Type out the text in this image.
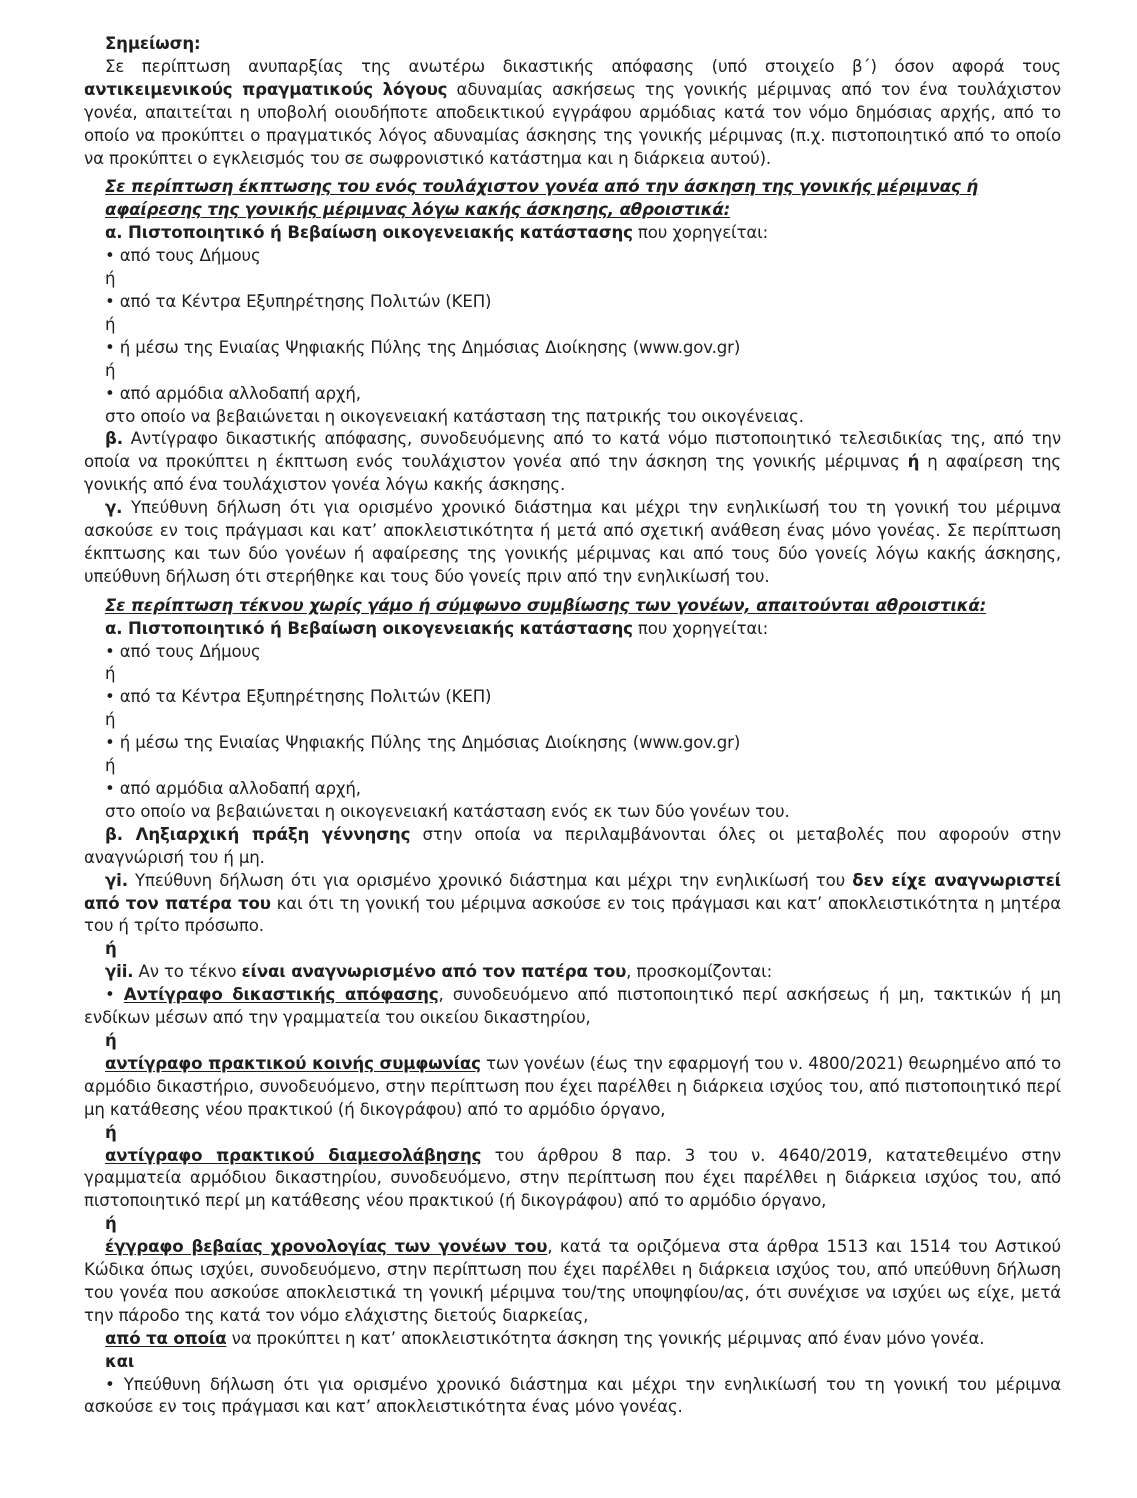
Σημείωση:

Σε περίπτωση ανυπαρξίας της ανωτέρω δικαστικής απόφασης (υπό στοιχείο β΄) όσον αφορά τους αντικειμενικούς πραγματικούς λόγους αδυναμίας ασκήσεως της γονικής μέριμνας από τον ένα τουλάχιστον γονέα, απαιτείται η υποβολή οιουδήποτε αποδεικτικού εγγράφου αρμόδιας κατά τον νόμο δημόσιας αρχής, από το οποίο να προκύπτει ο πραγματικός λόγος αδυναμίας άσκησης της γονικής μέριμνας (π.χ. πιστοποιητικό από το οποίο να προκύπτει ο εγκλεισμός του σε σωφρονιστικό κατάστημα και η διάρκεια αυτού).

Σε περίπτωση έκπτωσης του ενός τουλάχιστον γονέα από την άσκηση της γονικής μέριμνας ή αφαίρεσης της γονικής μέριμνας λόγω κακής άσκησης, αθροιστικά:

α. Πιστοποιητικό ή Βεβαίωση οικογενειακής κατάστασης που χορηγείται:

• από τους Δήμους

ή

• από τα Κέντρα Εξυπηρέτησης Πολιτών (ΚΕΠ)

ή

• ή μέσω της Ενιαίας Ψηφιακής Πύλης της Δημόσιας Διοίκησης (www.gov.gr)

ή

• από αρμόδια αλλοδαπή αρχή,

στο οποίο να βεβαιώνεται η οικογενειακή κατάσταση της πατρικής του οικογένειας.

β. Αντίγραφο δικαστικής απόφασης, συνοδευόμενης από το κατά νόμο πιστοποιητικό τελεσιδικίας της, από την οποία να προκύπτει η έκπτωση ενός τουλάχιστον γονέα από την άσκηση της γονικής μέριμνας ή η αφαίρεση της γονικής από ένα τουλάχιστον γονέα λόγω κακής άσκησης.

γ. Υπεύθυνη δήλωση ότι για ορισμένο χρονικό διάστημα και μέχρι την ενηλικίωσή του τη γονική του μέριμνα ασκούσε εν τοις πράγμασι και κατ’ αποκλειστικότητα ή μετά από σχετική ανάθεση ένας μόνο γονέας. Σε περίπτωση έκπτωσης και των δύο γονέων ή αφαίρεσης της γονικής μέριμνας και από τους δύο γονείς λόγω κακής άσκησης, υπεύθυνη δήλωση ότι στερήθηκε και τους δύο γονείς πριν από την ενηλικίωσή του.

Σε περίπτωση τέκνου χωρίς γάμο ή σύμφωνο συμβίωσης των γονέων, απαιτούνται αθροιστικά:

α. Πιστοποιητικό ή Βεβαίωση οικογενειακής κατάστασης που χορηγείται:

• από τους Δήμους

ή

• από τα Κέντρα Εξυπηρέτησης Πολιτών (ΚΕΠ)

ή

• ή μέσω της Ενιαίας Ψηφιακής Πύλης της Δημόσιας Διοίκησης (www.gov.gr)

ή

• από αρμόδια αλλοδαπή αρχή,

στο οποίο να βεβαιώνεται η οικογενειακή κατάσταση ενός εκ των δύο γονέων του.

β. Ληξιαρχική πράξη γέννησης στην οποία να περιλαμβάνονται όλες οι μεταβολές που αφορούν στην αναγνώρισή του ή μη.

γi. Υπεύθυνη δήλωση ότι για ορισμένο χρονικό διάστημα και μέχρι την ενηλικίωσή του δεν είχε αναγνωριστεί από τον πατέρα του και ότι τη γονική του μέριμνα ασκούσε εν τοις πράγμασι και κατ’ αποκλειστικότητα η μητέρα του ή τρίτο πρόσωπο.

ή

γii. Αν το τέκνο είναι αναγνωρισμένο από τον πατέρα του, προσκομίζονται:

• Αντίγραφο δικαστικής απόφασης, συνοδευόμενο από πιστοποιητικό περί ασκήσεως ή μη, τακτικών ή μη ενδίκων μέσων από την γραμματεία του οικείου δικαστηρίου,

ή

αντίγραφο πρακτικού κοινής συμφωνίας των γονέων (έως την εφαρμογή του ν. 4800/2021) θεωρημένο από το αρμόδιο δικαστήριο, συνοδευόμενο, στην περίπτωση που έχει παρέλθει η διάρκεια ισχύος του, από πιστοποιητικό περί μη κατάθεσης νέου πρακτικού (ή δικογράφου) από το αρμόδιο όργανο,

ή

αντίγραφο πρακτικού διαμεσολάβησης του άρθρου 8 παρ. 3 του ν. 4640/2019, κατατεθειμένο στην γραμματεία αρμόδιου δικαστηρίου, συνοδευόμενο, στην περίπτωση που έχει παρέλθει η διάρκεια ισχύος του, από πιστοποιητικό περί μη κατάθεσης νέου πρακτικού (ή δικογράφου) από το αρμόδιο όργανο,

ή

έγγραφο βεβαίας χρονολογίας των γονέων του, κατά τα οριζόμενα στα άρθρα 1513 και 1514 του Αστικού Κώδικα όπως ισχύει, συνοδευόμενο, στην περίπτωση που έχει παρέλθει η διάρκεια ισχύος του, από υπεύθυνη δήλωση του γονέα που ασκούσε αποκλειστικά τη γονική μέριμνα του/της υποψηφίου/ας, ότι συνέχισε να ισχύει ως είχε, μετά την πάροδο της κατά τον νόμο ελάχιστης διετούς διαρκείας,

από τα οποία να προκύπτει η κατ’ αποκλειστικότητα άσκηση της γονικής μέριμνας από έναν μόνο γονέα.

και

• Υπεύθυνη δήλωση ότι για ορισμένο χρονικό διάστημα και μέχρι την ενηλικίωσή του τη γονική του μέριμνα ασκούσε εν τοις πράγμασι και κατ’ αποκλειστικότητα ένας μόνο γονέας.
